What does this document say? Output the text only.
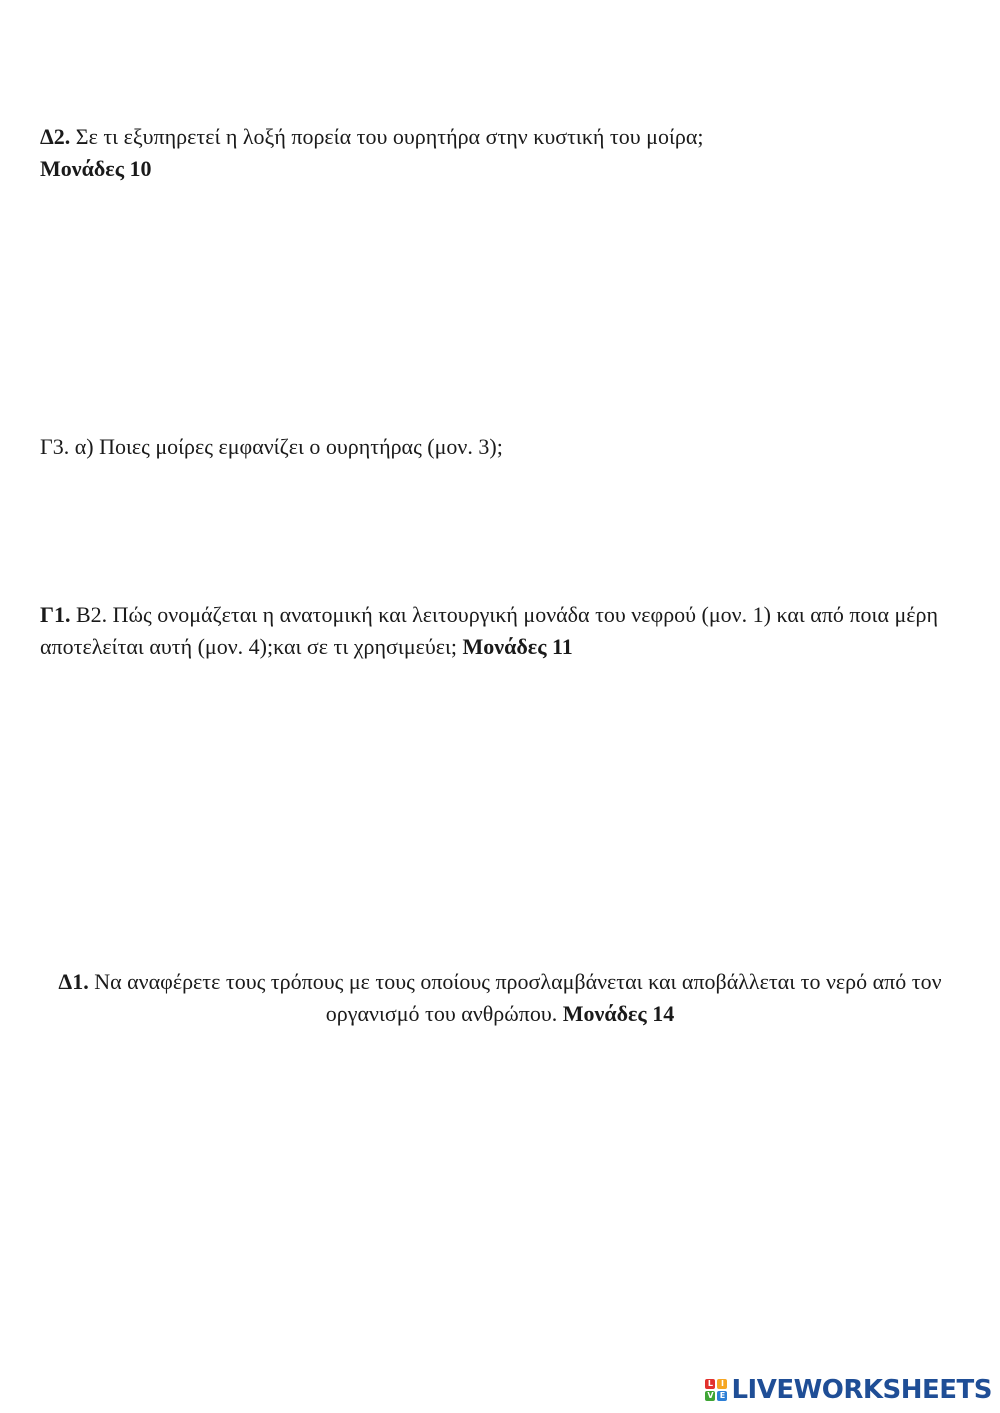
Δ2. Σε τι εξυπηρετεί η λοξή πορεία του ουρητήρα στην κυστική του μοίρα;
Μονάδες 10
Γ3. α) Ποιες μοίρες εμφανίζει ο ουρητήρας (μον. 3);
Γ1. Β2. Πώς ονομάζεται η ανατομική και λειτουργική μονάδα του νεφρού (μον. 1) και από ποια μέρη αποτελείται αυτή (μον. 4);και σε τι χρησιμεύει; Μονάδες 11
Δ1. Να αναφέρετε τους τρόπους με τους οποίους προσλαμβάνεται και αποβάλλεται το νερό από τον οργανισμό του ανθρώπου. Μονάδες 14
L I
V E LIVEWORKSHEETS
